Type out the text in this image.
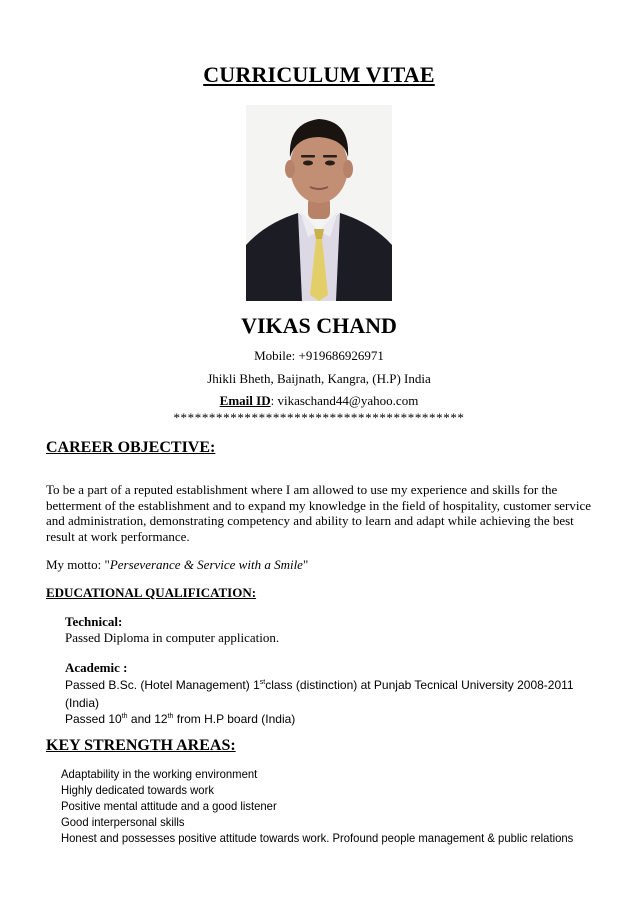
CURRICULUM VITAE
VIKAS CHAND
Mobile: +919686926971
Jhikli Bheth, Baijnath, Kangra, (H.P) India
Email ID: vikaschand44@yahoo.com
*****************************************
CAREER OBJECTIVE:
To be a part of a reputed establishment where I am allowed to use my experience and skills for the betterment of the establishment and to expand my knowledge in the field of hospitality, customer service and administration, demonstrating competency and ability to learn and adapt while achieving the best result at work performance.
My motto: "Perseverance & Service with a Smile"
EDUCATIONAL QUALIFICATION:
Technical:
Passed Diploma in computer application.
Academic :
Passed B.Sc. (Hotel Management) 1stclass (distinction) at Punjab Tecnical University 2008-2011 (India)
Passed 10th and 12th from H.P board (India)
KEY STRENGTH AREAS:
Adaptability in the working environment
Highly dedicated towards work
Positive mental attitude and a good listener
Good interpersonal skills
Honest and possesses positive attitude towards work. Profound people management & public relations
